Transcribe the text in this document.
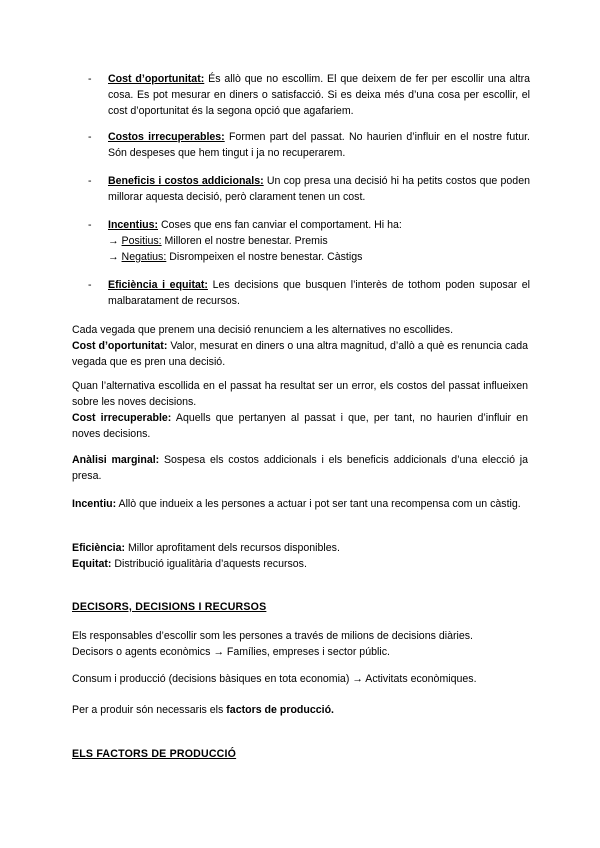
- Cost d’oportunitat: És allò que no escollim. El que deixem de fer per escollir una altra cosa. Es pot mesurar en diners o satisfacció. Si es deixa més d’una cosa per escollir, el cost d’oportunitat és la segona opció que agafariem.
- Costos irrecuperables: Formen part del passat. No haurien d’influir en el nostre futur. Són despeses que hem tingut i ja no recuperarem.
- Beneficis i costos addicionals: Un cop presa una decisió hi ha petits costos que poden millorar aquesta decisió, però clarament tenen un cost.
- Incentius: Coses que ens fan canviar el comportament. Hi ha:
→ Positius: Milloren el nostre benestar. Premis
→ Negatius: Disrompeixen el nostre benestar. Càstigs
- Eficiència i equitat: Les decisions que busquen l’interès de tothom poden suposar el malbaratament de recursos.
Cada vegada que prenem una decisió renunciem a les alternatives no escollides.
Cost d’oportunitat: Valor, mesurat en diners o una altra magnitud, d’allò a què es renuncia cada vegada que es pren una decisió.
Quan l’alternativa escollida en el passat ha resultat ser un error, els costos del passat influeixen sobre les noves decisions.
Cost irrecuperable: Aquells que pertanyen al passat i que, per tant, no haurien d’influir en noves decisions.
Anàlisi marginal: Sospesa els costos addicionals i els beneficis addicionals d’una elecció ja presa.
Incentiu: Allò que indueix a les persones a actuar i pot ser tant una recompensa com un càstig.
Eficiència: Millor aprofitament dels recursos disponibles.
Equitat: Distribució igualitària d’aquests recursos.
DECISORS, DECISIONS I RECURSOS
Els responsables d’escollir som les persones a través de milions de decisions diàries.
Decisors o agents econòmics → Famílies, empreses i sector públic.
Consum i producció (decisions bàsiques en tota economia) → Activitats econòmiques.
Per a produir són necessaris els factors de producció.
ELS FACTORS DE PRODUCCIÓ
